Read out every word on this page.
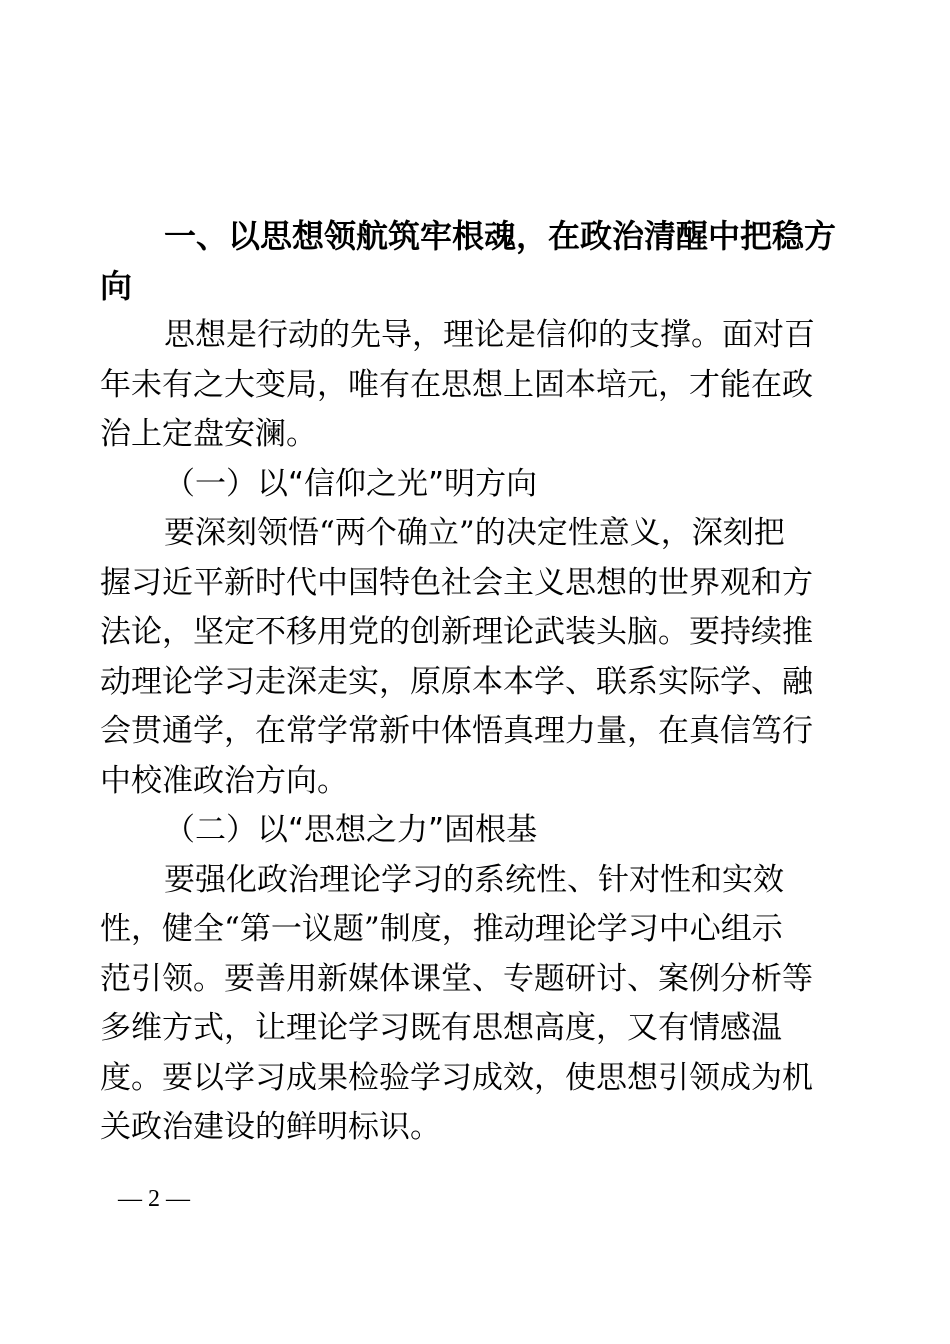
一、以思想领航筑牢根魂，在政治清醒中把稳方
向
思想是行动的先导，理论是信仰的支撑。面对百
年未有之大变局，唯有在思想上固本培元，才能在政
治上定盘安澜。
（一）以“信仰之光”明方向
要深刻领悟“两个确立”的决定性意义，深刻把
握习近平新时代中国特色社会主义思想的世界观和方
法论，坚定不移用党的创新理论武装头脑。要持续推
动理论学习走深走实，原原本本学、联系实际学、融
会贯通学，在常学常新中体悟真理力量，在真信笃行
中校准政治方向。
（二）以“思想之力”固根基
要强化政治理论学习的系统性、针对性和实效
性，健全“第一议题”制度，推动理论学习中心组示
范引领。要善用新媒体课堂、专题研讨、案例分析等
多维方式，让理论学习既有思想高度，又有情感温
度。要以学习成果检验学习成效，使思想引领成为机
关政治建设的鲜明标识。
— 2 —
